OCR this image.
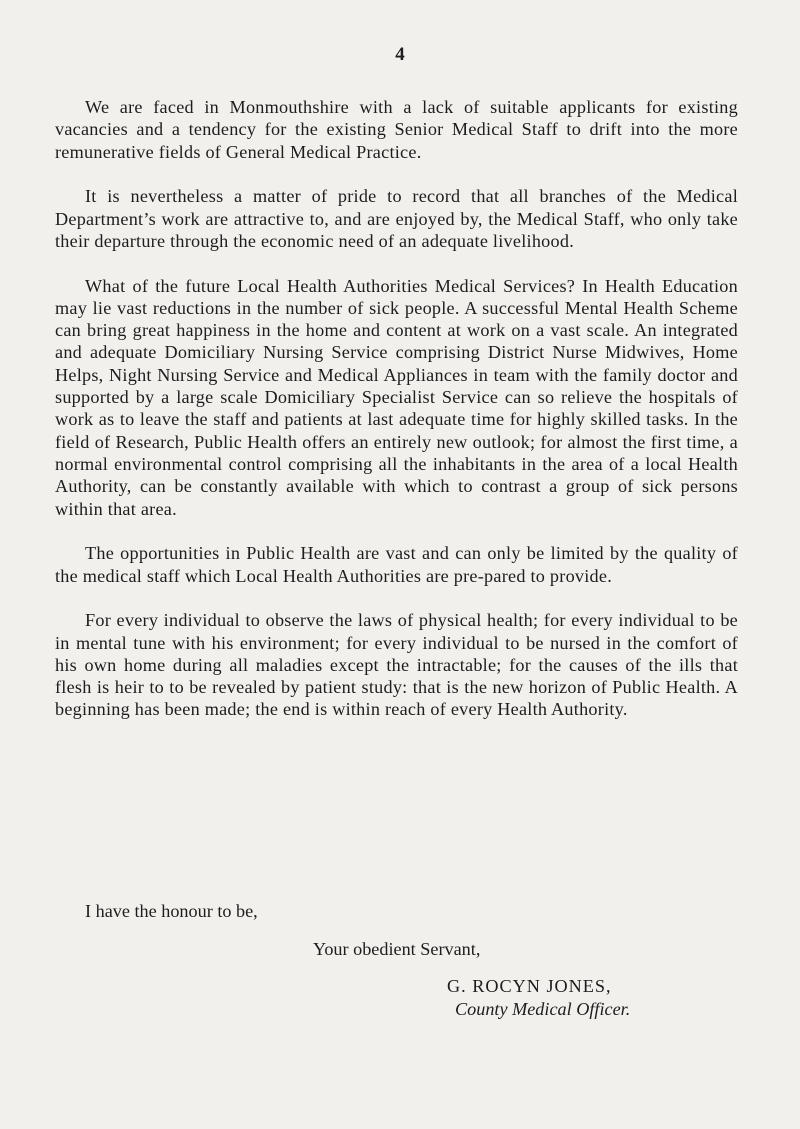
4

We are faced in Monmouthshire with a lack of suitable applicants for existing vacancies and a tendency for the existing Senior Medical Staff to drift into the more remunerative fields of General Medical Practice.

It is nevertheless a matter of pride to record that all branches of the Medical Department’s work are attractive to, and are enjoyed by, the Medical Staff, who only take their departure through the economic need of an adequate livelihood.

What of the future Local Health Authorities Medical Services? In Health Education may lie vast reductions in the number of sick people. A successful Mental Health Scheme can bring great happiness in the home and content at work on a vast scale. An integrated and adequate Domiciliary Nursing Service comprising District Nurse Midwives, Home Helps, Night Nursing Service and Medical Appliances in team with the family doctor and supported by a large scale Domiciliary Specialist Service can so relieve the hospitals of work as to leave the staff and patients at last adequate time for highly skilled tasks. In the field of Research, Public Health offers an entirely new outlook; for almost the first time, a normal environmental control comprising all the inhabitants in the area of a local Health Authority, can be constantly available with which to contrast a group of sick persons within that area.

The opportunities in Public Health are vast and can only be limited by the quality of the medical staff which Local Health Authorities are pre-pared to provide.

For every individual to observe the laws of physical health; for every individual to be in mental tune with his environment; for every individual to be nursed in the comfort of his own home during all maladies except the intractable; for the causes of the ills that flesh is heir to to be revealed by patient study: that is the new horizon of Public Health. A beginning has been made; the end is within reach of every Health Authority.

I have the honour to be,
Your obedient Servant,
G. ROCYN JONES,
County Medical Officer.
